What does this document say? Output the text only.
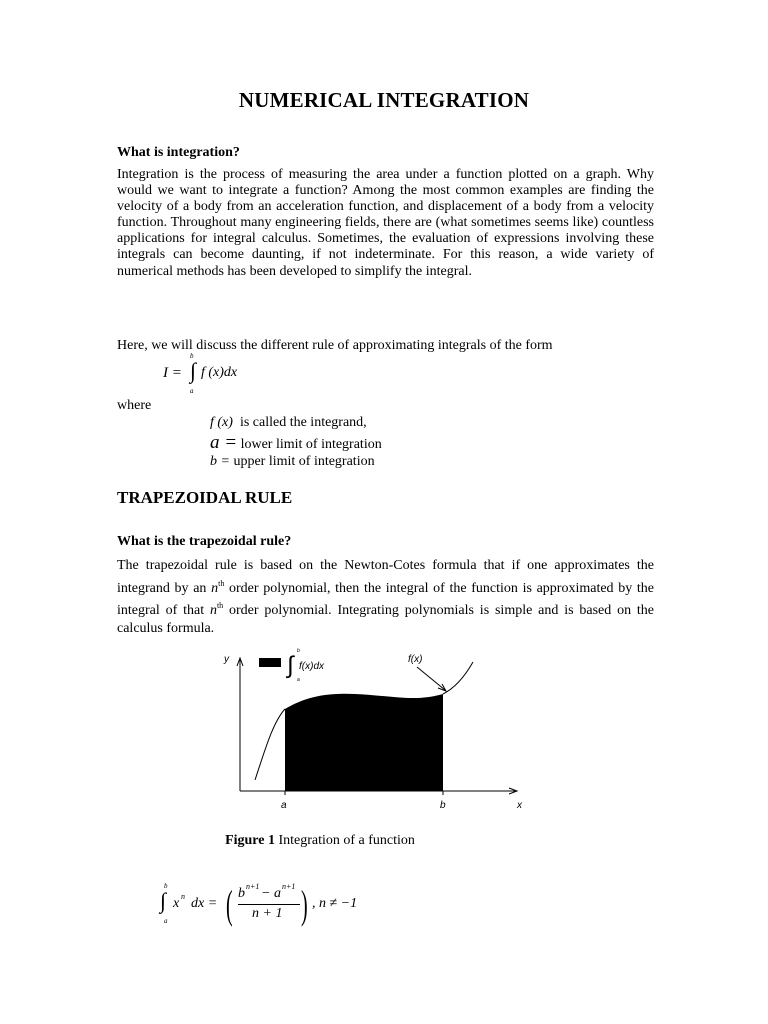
NUMERICAL INTEGRATION
What is integration?
Integration is the process of measuring the area under a function plotted on a graph. Why would we want to integrate a function? Among the most common examples are finding the velocity of a body from an acceleration function, and displacement of a body from a velocity function. Throughout many engineering fields, there are (what sometimes seems like) countless applications for integral calculus. Sometimes, the evaluation of expressions involving these integrals can become daunting, if not indeterminate. For this reason, a wide variety of numerical methods has been developed to simplify the integral.
Here, we will discuss the different rule of approximating integrals of the form
I = ∫
b
a
f (x)dx
where
f (x) is called the integrand,
a = lower limit of integration
b = upper limit of integration
TRAPEZOIDAL RULE
What is the trapezoidal rule?
The trapezoidal rule is based on the Newton-Cotes formula that if one approximates the integrand by an $n^{th}$ order polynomial, then the integral of the function is approximated by the integral of that $n^{th}$ order polynomial. Integrating polynomials is simple and is based on the calculus formula.
∫
b
a
f(x)dx
y
x
a	b
f(x)
Figure 1 Integration of a function
∫
b
a
x n dx = ( b n+1 − a n+1
n + 1 ) , n ≠ −1
